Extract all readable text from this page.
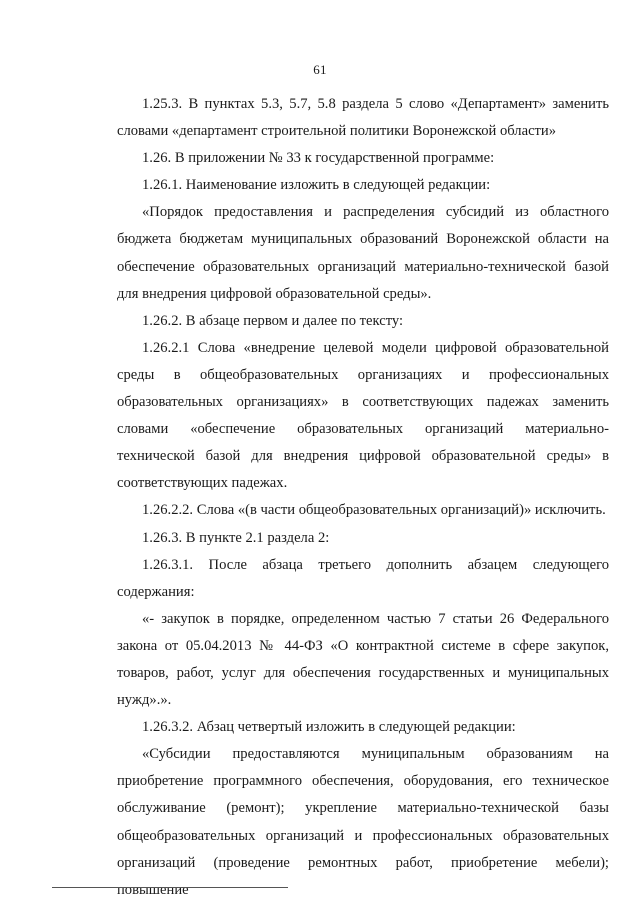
61

1.25.3. В пунктах 5.3, 5.7, 5.8 раздела 5 слово «Департамент» заменить словами «департамент строительной политики Воронежской области»

1.26. В приложении № 33 к государственной программе:

1.26.1. Наименование изложить в следующей редакции:

«Порядок предоставления и распределения субсидий из областного бюджета бюджетам муниципальных образований Воронежской области на обеспечение образовательных организаций материально-технической базой для внедрения цифровой образовательной среды».

1.26.2. В абзаце первом и далее по тексту:

1.26.2.1 Слова «внедрение целевой модели цифровой образовательной среды в общеобразовательных организациях и профессиональных образовательных организациях» в соответствующих падежах заменить словами «обеспечение образовательных организаций материально-технической базой для внедрения цифровой образовательной среды» в соответствующих падежах.

1.26.2.2. Слова «(в части общеобразовательных организаций)» исключить.

1.26.3. В пункте 2.1 раздела 2:

1.26.3.1. После абзаца третьего дополнить абзацем следующего содержания:

«- закупок в порядке, определенном частью 7 статьи 26 Федерального закона от 05.04.2013 № 44-ФЗ «О контрактной системе в сфере закупок, товаров, работ, услуг для обеспечения государственных и муниципальных нужд».».

1.26.3.2. Абзац четвертый изложить в следующей редакции:

«Субсидии предоставляются муниципальным образованиям на приобретение программного обеспечения, оборудования, его техническое обслуживание (ремонт); укрепление материально-технической базы общеобразовательных организаций и профессиональных образовательных организаций (проведение ремонтных работ, приобретение мебели); повышение
